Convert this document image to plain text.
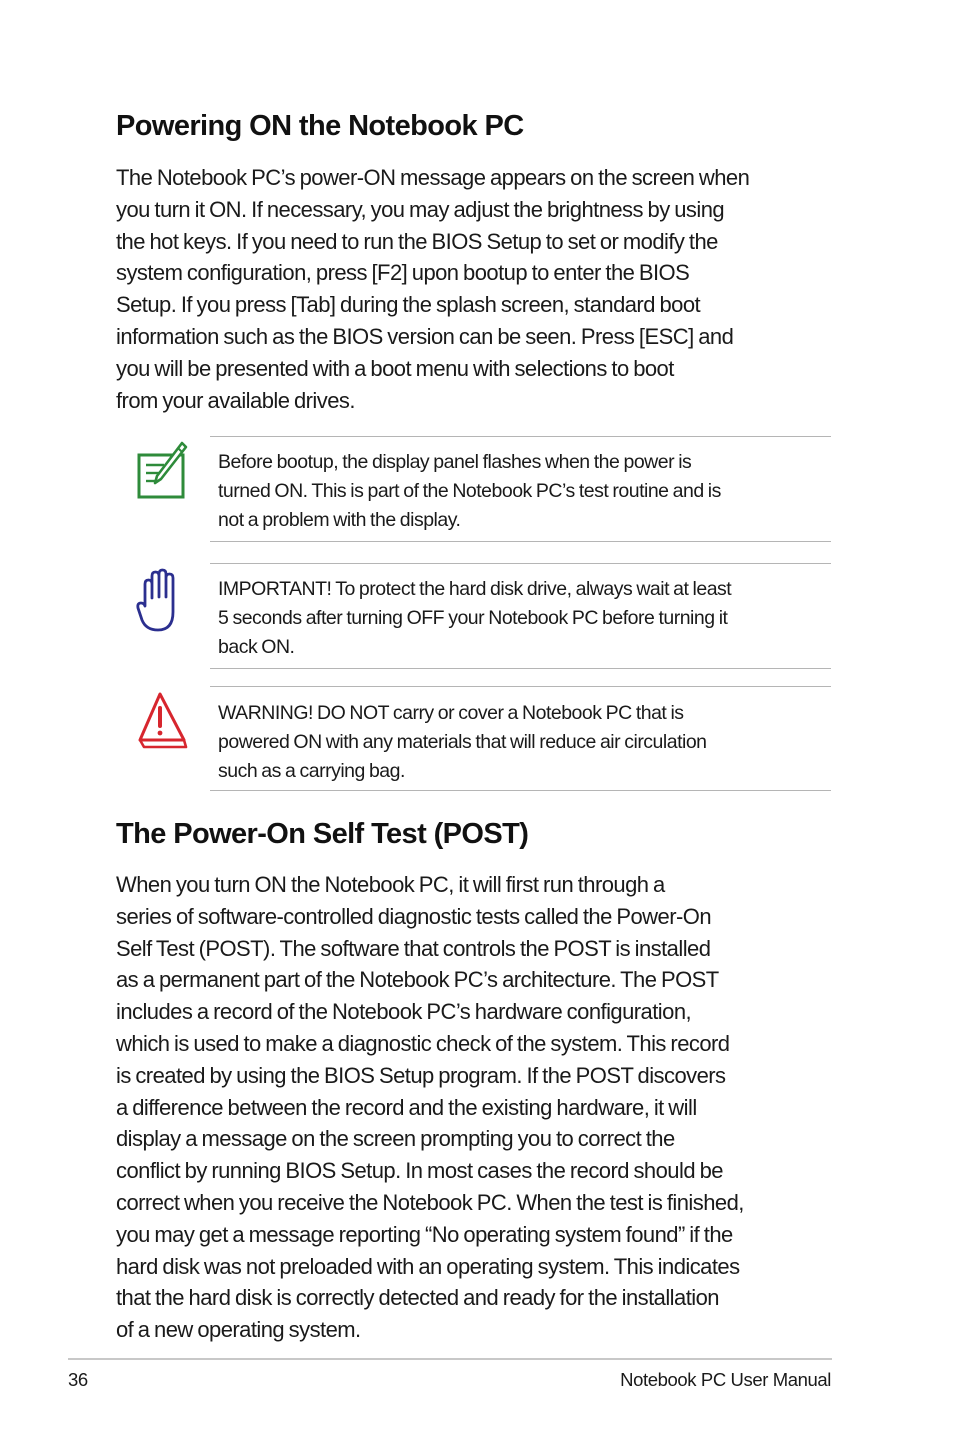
Powering ON the Notebook PC

The Notebook PC’s power-ON message appears on the screen when
you turn it ON. If necessary, you may adjust the brightness by using
the hot keys. If you need to run the BIOS Setup to set or modify the
system configuration, press [F2] upon bootup to enter the BIOS
Setup. If you press [Tab] during the splash screen, standard boot
information such as the BIOS version can be seen. Press [ESC] and
you will be presented with a boot menu with selections to boot
from your available drives.

Before bootup, the display panel flashes when the power is
turned ON. This is part of the Notebook PC’s test routine and is
not a problem with the display.

IMPORTANT! To protect the hard disk drive, always wait at least
5 seconds after turning OFF your Notebook PC before turning it
back ON.

WARNING! DO NOT carry or cover a Notebook PC that is
powered ON with any materials that will reduce air circulation
such as a carrying bag.

The Power-On Self Test (POST)

When you turn ON the Notebook PC, it will first run through a
series of software-controlled diagnostic tests called the Power-On
Self Test (POST). The software that controls the POST is installed
as a permanent part of the Notebook PC’s architecture. The POST
includes a record of the Notebook PC’s hardware configuration,
which is used to make a diagnostic check of the system. This record
is created by using the BIOS Setup program. If the POST discovers
a difference between the record and the existing hardware, it will
display a message on the screen prompting you to correct the
conflict by running BIOS Setup. In most cases the record should be
correct when you receive the Notebook PC. When the test is finished,
you may get a message reporting “No operating system found” if the
hard disk was not preloaded with an operating system. This indicates
that the hard disk is correctly detected and ready for the installation
of a new operating system.

36	Notebook PC User Manual
